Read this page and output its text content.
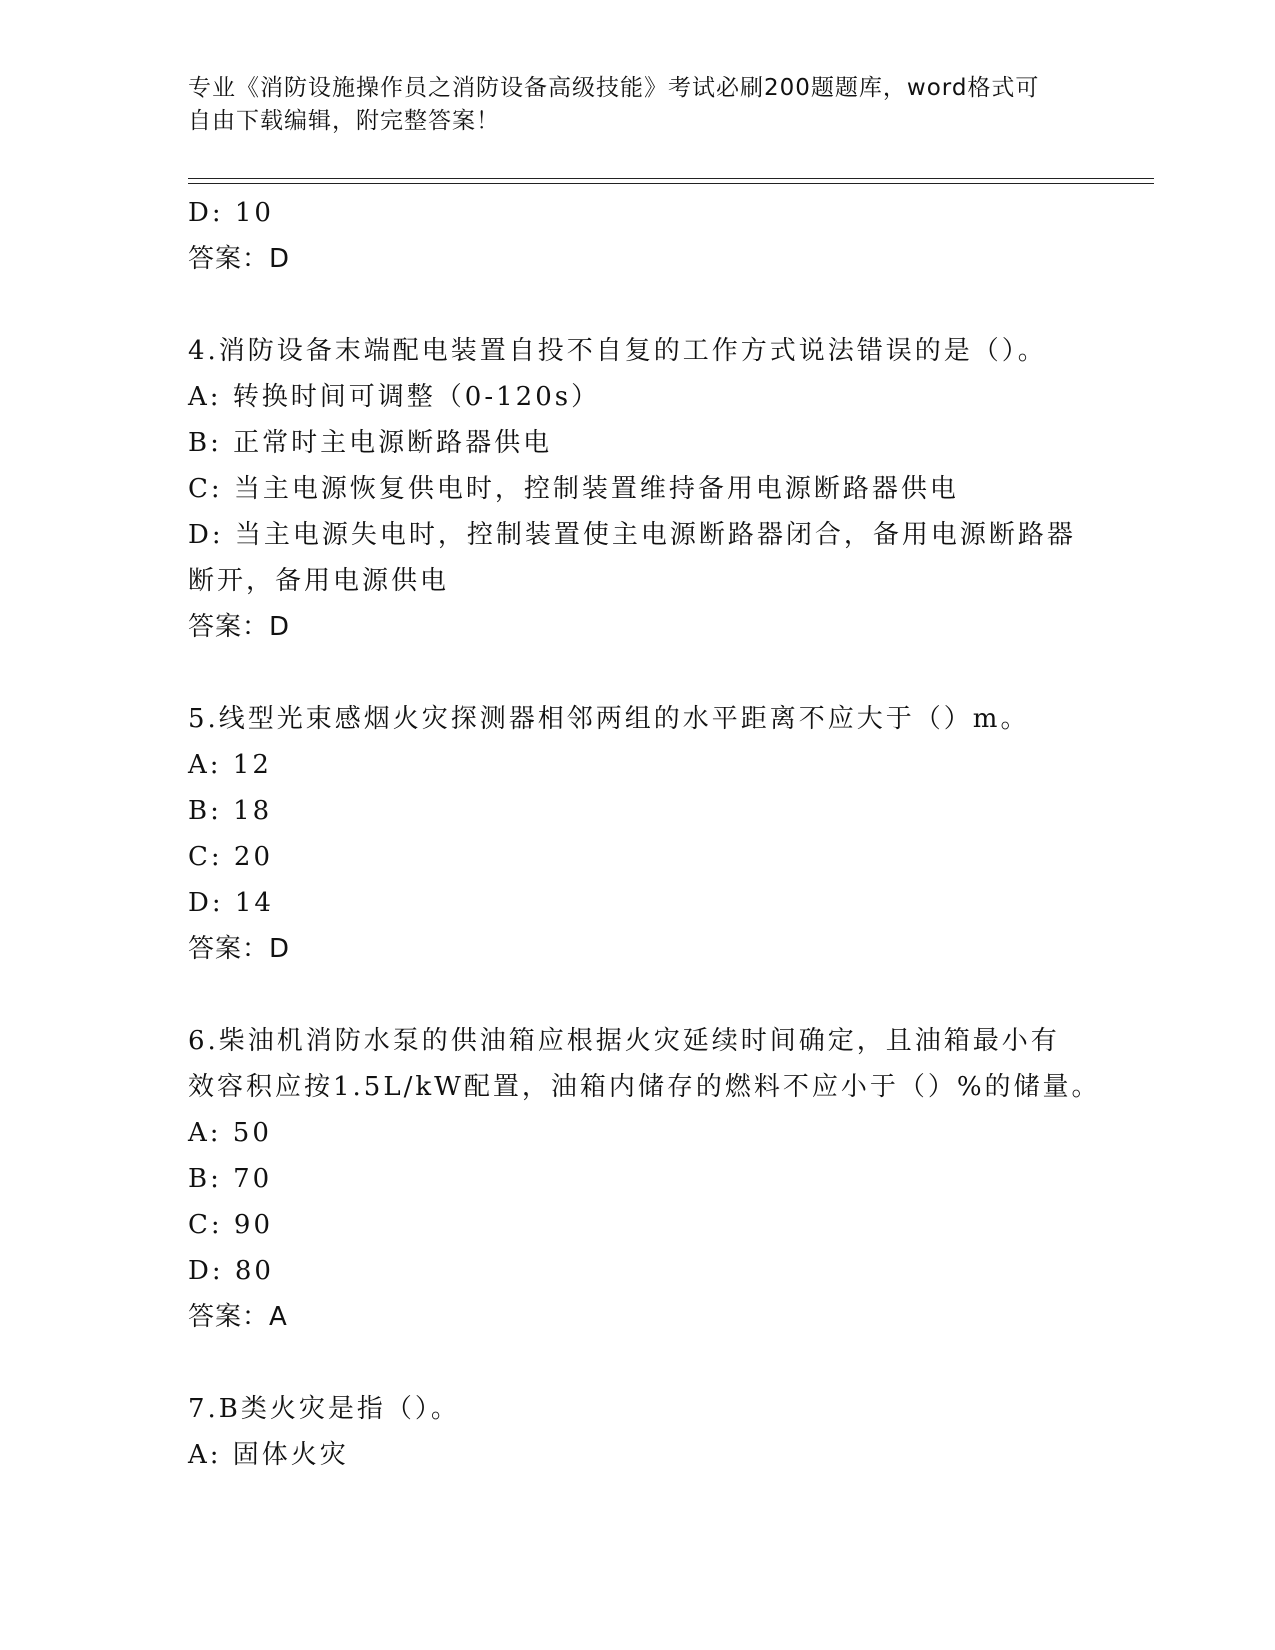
专业《消防设施操作员之消防设备高级技能》考试必刷200题题库，word格式可
自由下载编辑，附完整答案！
D: 10
答案：D
4.消防设备末端配电装置自投不自复的工作方式说法错误的是（）。
A: 转换时间可调整（0-120s）
B: 正常时主电源断路器供电
C: 当主电源恢复供电时，控制装置维持备用电源断路器供电
D: 当主电源失电时，控制装置使主电源断路器闭合，备用电源断路器
断开，备用电源供电
答案：D
5.线型光束感烟火灾探测器相邻两组的水平距离不应大于（）m。
A: 12
B: 18
C: 20
D: 14
答案：D
6.柴油机消防水泵的供油箱应根据火灾延续时间确定，且油箱最小有
效容积应按1.5L/kW配置，油箱内储存的燃料不应小于（）%的储量。
A: 50
B: 70
C: 90
D: 80
答案：A
7.B类火灾是指（）。
A: 固体火灾
